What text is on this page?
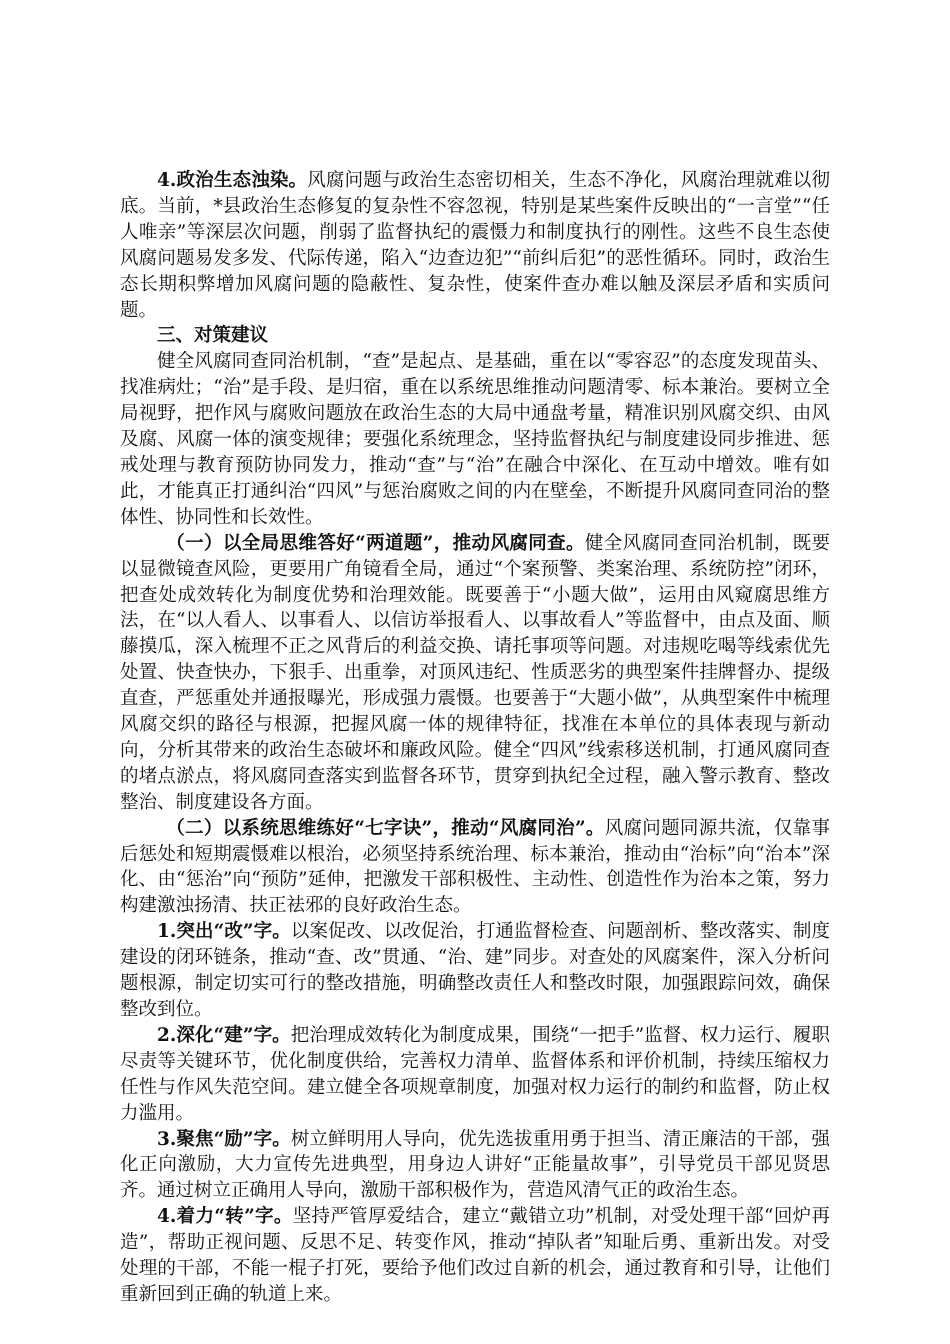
4.政治生态浊染。风腐问题与政治生态密切相关，生态不净化，风腐治理就难以彻底。当前，*县政治生态修复的复杂性不容忽视，特别是某些案件反映出的“一言堂”“任人唯亲”等深层次问题，削弱了监督执纪的震慑力和制度执行的刚性。这些不良生态使风腐问题易发多发、代际传递，陷入“边查边犯”“前纠后犯”的恶性循环。同时，政治生态长期积弊增加风腐问题的隐蔽性、复杂性，使案件查办难以触及深层矛盾和实质问题。

三、对策建议

健全风腐同查同治机制，“查”是起点、是基础，重在以“零容忍”的态度发现苗头、找准病灶；“治”是手段、是归宿，重在以系统思维推动问题清零、标本兼治。要树立全局视野，把作风与腐败问题放在政治生态的大局中通盘考量，精准识别风腐交织、由风及腐、风腐一体的演变规律；要强化系统理念，坚持监督执纪与制度建设同步推进、惩戒处理与教育预防协同发力，推动“查”与“治”在融合中深化、在互动中增效。唯有如此，才能真正打通纠治“四风”与惩治腐败之间的内在壁垒，不断提升风腐同查同治的整体性、协同性和长效性。

（一）以全局思维答好“两道题”，推动风腐同查。健全风腐同查同治机制，既要以显微镜查风险，更要用广角镜看全局，通过“个案预警、类案治理、系统防控”闭环，把查处成效转化为制度优势和治理效能。既要善于“小题大做”，运用由风窥腐思维方法，在“以人看人、以事看人、以信访举报看人、以事故看人”等监督中，由点及面、顺藤摸瓜，深入梳理不正之风背后的利益交换、请托事项等问题。对违规吃喝等线索优先处置、快查快办，下狠手、出重拳，对顶风违纪、性质恶劣的典型案件挂牌督办、提级直查，严惩重处并通报曝光，形成强力震慑。也要善于“大题小做”，从典型案件中梳理风腐交织的路径与根源，把握风腐一体的规律特征，找准在本单位的具体表现与新动向，分析其带来的政治生态破坏和廉政风险。健全“四风”线索移送机制，打通风腐同查的堵点淤点，将风腐同查落实到监督各环节，贯穿到执纪全过程，融入警示教育、整改整治、制度建设各方面。

（二）以系统思维练好“七字诀”，推动“风腐同治”。风腐问题同源共流，仅靠事后惩处和短期震慑难以根治，必须坚持系统治理、标本兼治，推动由“治标”向“治本”深化、由“惩治”向“预防”延伸，把激发干部积极性、主动性、创造性作为治本之策，努力构建激浊扬清、扶正祛邪的良好政治生态。

1.突出“改”字。以案促改、以改促治，打通监督检查、问题剖析、整改落实、制度建设的闭环链条，推动“查、改”贯通、“治、建”同步。对查处的风腐案件，深入分析问题根源，制定切实可行的整改措施，明确整改责任人和整改时限，加强跟踪问效，确保整改到位。

2.深化“建”字。把治理成效转化为制度成果，围绕“一把手”监督、权力运行、履职尽责等关键环节，优化制度供给，完善权力清单、监督体系和评价机制，持续压缩权力任性与作风失范空间。建立健全各项规章制度，加强对权力运行的制约和监督，防止权力滥用。

3.聚焦“励”字。树立鲜明用人导向，优先选拔重用勇于担当、清正廉洁的干部，强化正向激励，大力宣传先进典型，用身边人讲好“正能量故事”，引导党员干部见贤思齐。通过树立正确用人导向，激励干部积极作为，营造风清气正的政治生态。

4.着力“转”字。坚持严管厚爱结合，建立“戴错立功”机制，对受处理干部“回炉再造”，帮助正视问题、反思不足、转变作风，推动“掉队者”知耻后勇、重新出发。对受处理的干部，不能一棍子打死，要给予他们改过自新的机会，通过教育和引导，让他们重新回到正确的轨道上来。
